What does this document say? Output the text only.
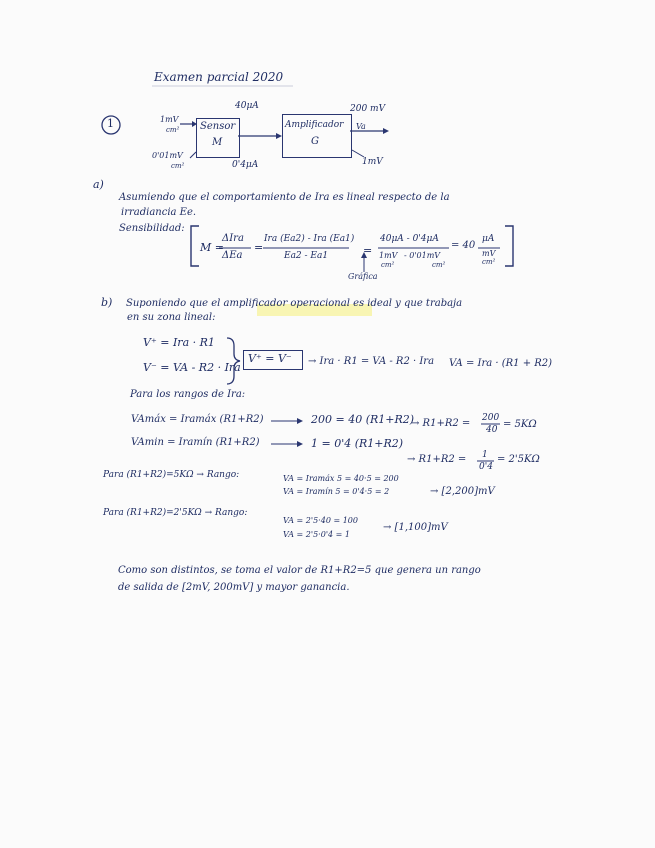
Examen parcial 2020
1	1mV
cm²
0'01mV
cm²
Sensor
M
40μA
0'4μA
Amplificador
G
200 mV
Va
1mV
a)
Asumiendo que el comportamiento de Ira es lineal respecto de la
irradiancia Ee.
Sensibilidad:
M =
ΔIra
ΔEa
=
Ira (Ea2) - Ira (Ea1)
Ea2 - Ea1	=
40μA - 0'4μA
1mV
cm²
- 0'01mV
cm²
= 40
μA
mV
cm²
Gráfica
b) Suponiendo que el amplificador operacional es ideal y que trabaja
en su zona lineal:
V⁺ = Ira · R1
V⁻ = VA - R2 · Ira
V⁺ = V⁻ → Ira · R1 = VA - R2 · Ira VA = Ira · (R1 + R2)
Para los rangos de Ira:
VAmáx = Iramáx (R1+R2)	200 = 40 (R1+R2)
→ R1+R2 = 200
40 = 5KΩ
VAmin = Iramín (R1+R2)	1 = 0'4 (R1+R2)
→ R1+R2 = 1
0'4
= 2'5KΩ
Para (R1+R2)=5KΩ → Rango:	VA = Iramáx 5 = 40·5 = 200
VA = Iramín 5 = 0'4·5 = 2	→ [2,200]mV
Para (R1+R2)=2'5KΩ → Rango:
VA = 2'5·40 = 100
VA = 2'5·0'4 = 1
→ [1,100]mV
Como son distintos, se toma el valor de R1+R2=5 que genera un rango
de salida de [2mV, 200mV] y mayor ganancia.
